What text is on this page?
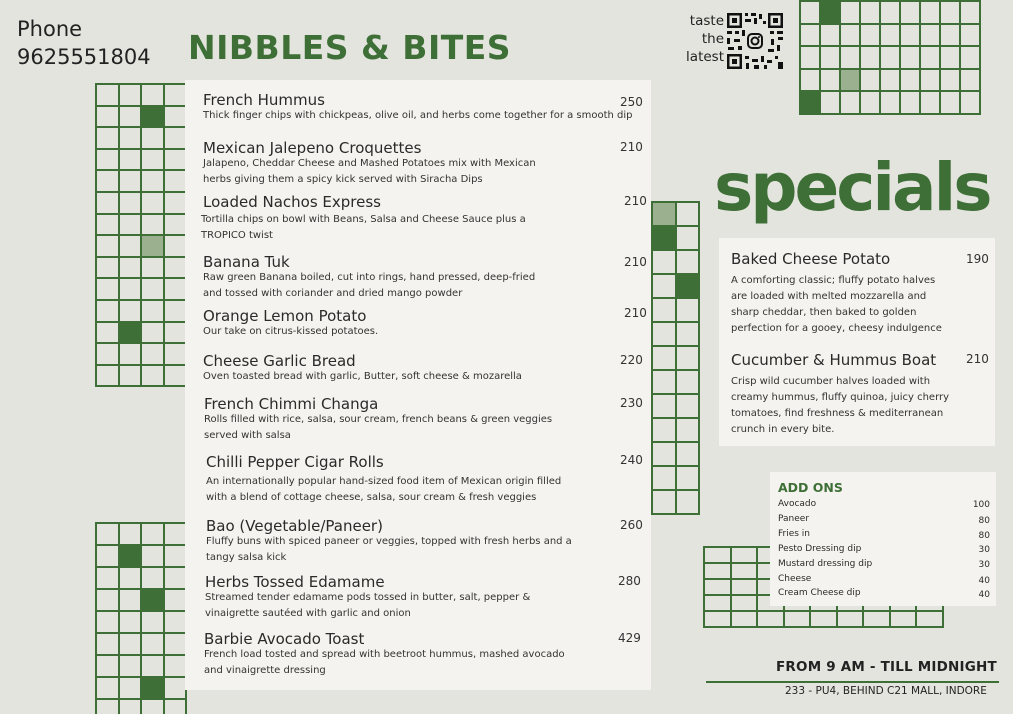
Phone
9625551804 NIBBLES & BITES
French Hummus
Thick finger chips with chickpeas, olive oil, and herbs come together for a smooth dip
250
Mexican Jalepeno Croquettes
Jalapeno, Cheddar Cheese and Mashed Potatoes mix with Mexican herbs giving them a spicy kick served with Siracha Dips
210
Loaded Nachos Express
Tortilla chips on bowl with Beans, Salsa and Cheese Sauce plus a TROPICO twist
210
Banana Tuk
Raw green Banana boiled, cut into rings, hand pressed, deep-fried and tossed with coriander and dried mango powder
210
Orange Lemon Potato
Our take on citrus-kissed potatoes.
210
Cheese Garlic Bread
Oven toasted bread with garlic, Butter, soft cheese & mozarella
220
French Chimmi Changa
Rolls filled with rice, salsa, sour cream, french beans & green veggies served with salsa
230
Chilli Pepper Cigar Rolls
An internationally popular hand-sized food item of Mexican origin filled with a blend of cottage cheese, salsa, sour cream & fresh veggies
240
Bao (Vegetable/Paneer)
Fluffy buns with spiced paneer or veggies, topped with fresh herbs and a tangy salsa kick
260
Herbs Tossed Edamame
Streamed tender edamame pods tossed in butter, salt, pepper & vinaigrette sautéed with garlic and onion
280
Barbie Avocado Toast
French load tosted and spread with beetroot hummus, mashed avocado and vinaigrette dressing
429
taste
the
latest
specials
Baked Cheese Potato
A comforting classic; fluffy potato halves are loaded with melted mozzarella and sharp cheddar, then baked to golden perfection for a gooey, cheesy indulgence
190
Cucumber & Hummus Boat
Crisp wild cucumber halves loaded with creamy hummus, fluffy quinoa, juicy cherry tomatoes, find freshness & mediterranean crunch in every bite.
210
ADD ONS
Avocado	100
Paneer	80
Fries in	80
Pesto Dressing dip	30
Mustard dressing dip	30
Cheese	40
Cream Cheese dip	40
FROM 9 AM - TILL MIDNIGHT
233 - PU4, BEHIND C21 MALL, INDORE
